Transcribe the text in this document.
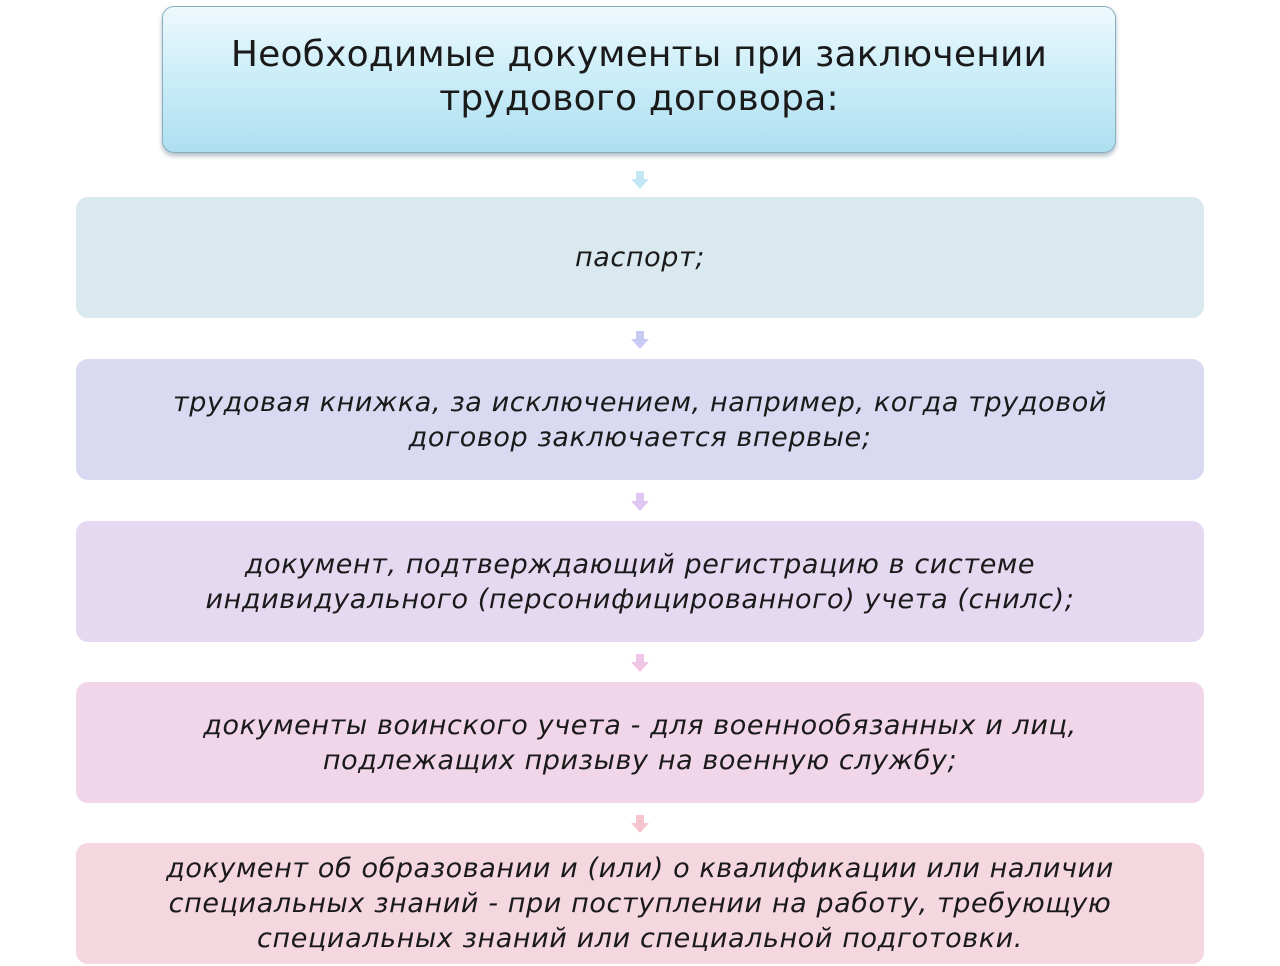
Необходимые документы при заключении трудового договора:
паспорт;
трудовая книжка, за исключением, например, когда трудовой договор заключается впервые;
документ, подтверждающий регистрацию в системе индивидуального (персонифицированного) учета (снилс);
документы воинского учета - для военнообязанных и лиц, подлежащих призыву на военную службу;
документ об образовании и (или) о квалификации или наличии специальных знаний - при поступлении на работу, требующую специальных знаний или специальной подготовки.
